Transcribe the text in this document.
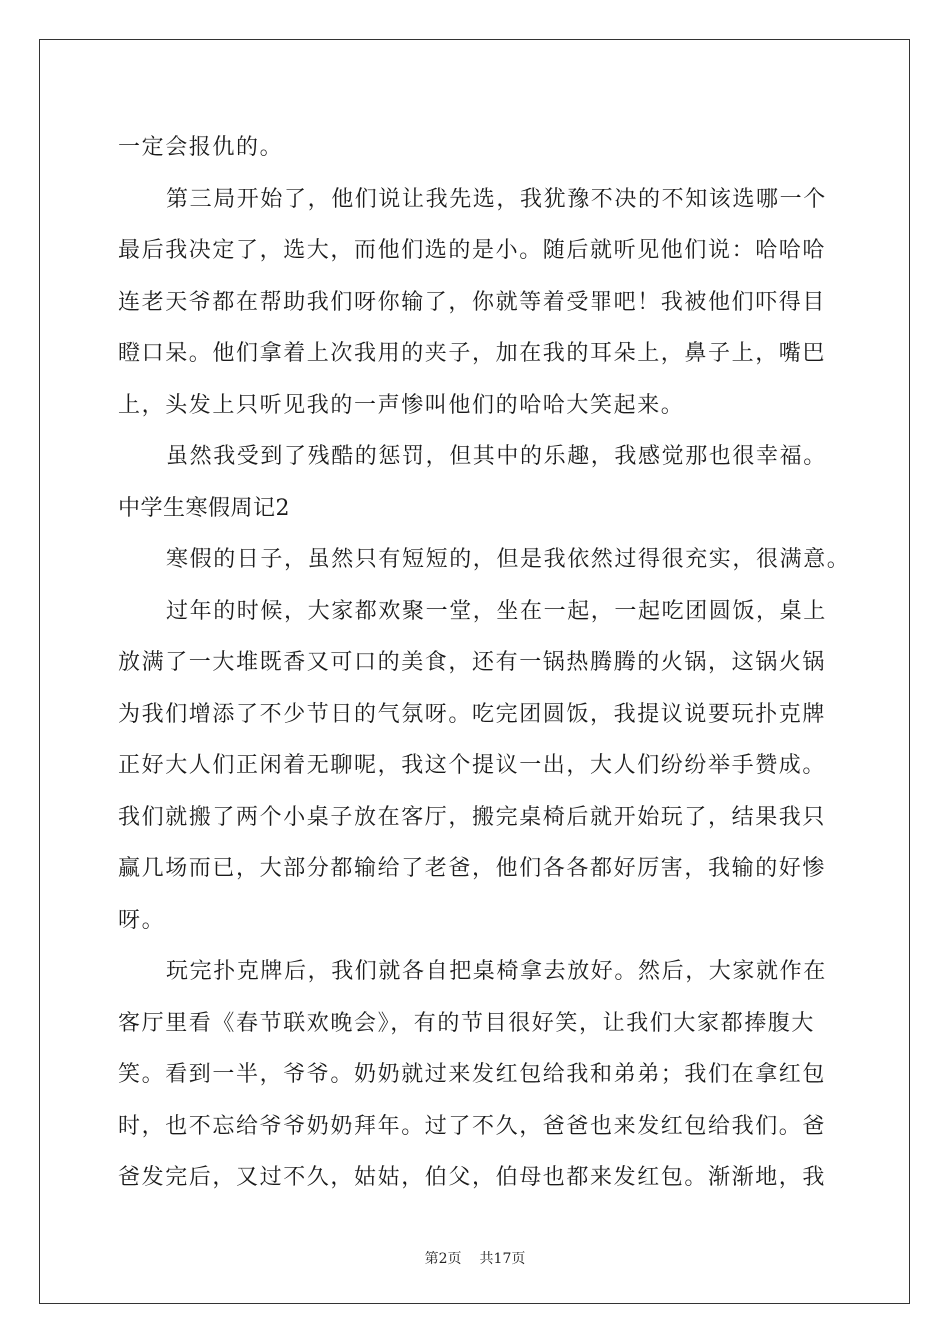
一定会报仇的。
第三局开始了，他们说让我先选，我犹豫不决的不知该选哪一个
最后我决定了，选大，而他们选的是小。随后就听见他们说：哈哈哈
连老天爷都在帮助我们呀你输了，你就等着受罪吧！我被他们吓得目
瞪口呆。他们拿着上次我用的夹子，加在我的耳朵上，鼻子上，嘴巴
上，头发上只听见我的一声惨叫他们的哈哈大笑起来。
虽然我受到了残酷的惩罚，但其中的乐趣，我感觉那也很幸福。
中学生寒假周记2
寒假的日子，虽然只有短短的，但是我依然过得很充实，很满意。
过年的时候，大家都欢聚一堂，坐在一起，一起吃团圆饭，桌上
放满了一大堆既香又可口的美食，还有一锅热腾腾的火锅，这锅火锅
为我们增添了不少节日的气氛呀。吃完团圆饭，我提议说要玩扑克牌
正好大人们正闲着无聊呢，我这个提议一出，大人们纷纷举手赞成。
我们就搬了两个小桌子放在客厅，搬完桌椅后就开始玩了，结果我只
赢几场而已，大部分都输给了老爸，他们各各都好厉害，我输的好惨
呀。
玩完扑克牌后，我们就各自把桌椅拿去放好。然后，大家就作在
客厅里看《春节联欢晚会》，有的节目很好笑，让我们大家都捧腹大
笑。看到一半，爷爷。奶奶就过来发红包给我和弟弟；我们在拿红包
时，也不忘给爷爷奶奶拜年。过了不久，爸爸也来发红包给我们。爸
爸发完后，又过不久，姑姑，伯父，伯母也都来发红包。渐渐地，我
第2页 共17页
